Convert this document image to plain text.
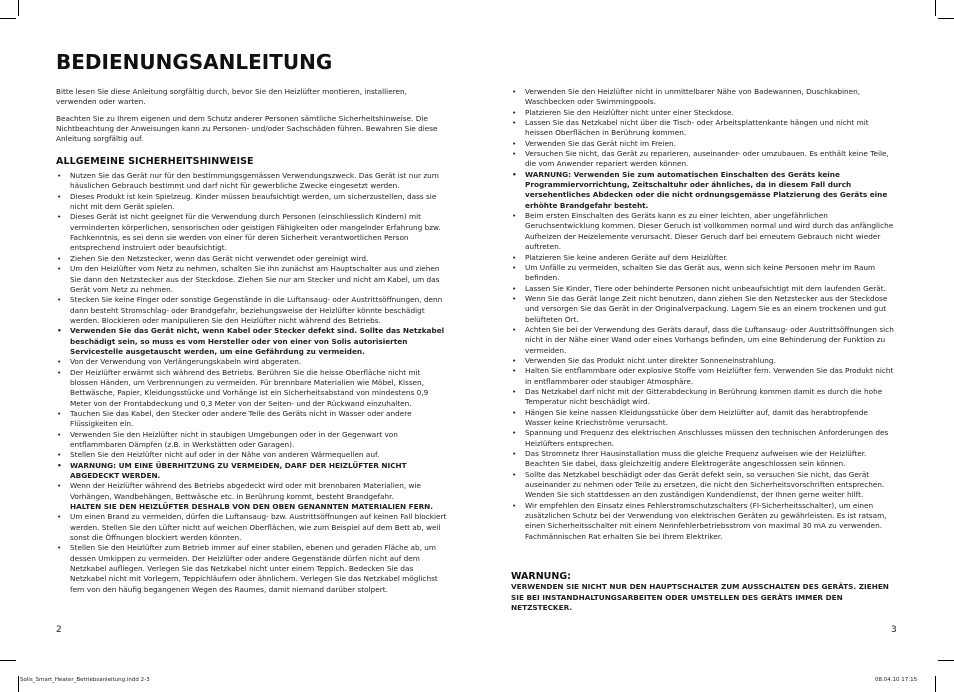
BEDIENUNGSANLEITUNG

Bitte lesen Sie diese Anleitung sorgfältig durch, bevor Sie den Heizlüfter montieren, installieren, verwenden oder warten.

Beachten Sie zu Ihrem eigenen und dem Schutz anderer Personen sämtliche Sicherheitshinweise. Die Nichtbeachtung der Anweisungen kann zu Personen- und/oder Sachschäden führen. Bewahren Sie diese Anleitung sorgfältig auf.

ALLGEMEINE SICHERHEITSHINWEISE
• Nutzen Sie das Gerät nur für den bestimmungsgemässen Verwendungszweck. Das Gerät ist nur zum häuslichen Gebrauch bestimmt und darf nicht für gewerbliche Zwecke eingesetzt werden.
• Dieses Produkt ist kein Spielzeug. Kinder müssen beaufsichtigt werden, um sicherzustellen, dass sie nicht mit dem Gerät spielen.
• Dieses Gerät ist nicht geeignet für die Verwendung durch Personen (einschliesslich Kindern) mit verminderten körperlichen, sensorischen oder geistigen Fähigkeiten oder mangelnder Erfahrung bzw. Fachkenntnis, es sei denn sie werden von einer für deren Sicherheit verantwortlichen Person entsprechend instruiert oder beaufsichtigt.
• Ziehen Sie den Netzstecker, wenn das Gerät nicht verwendet oder gereinigt wird.
• Um den Heizlüfter vom Netz zu nehmen, schalten Sie ihn zunächst am Hauptschalter aus und ziehen Sie dann den Netzstecker aus der Steckdose. Ziehen Sie nur am Stecker und nicht am Kabel, um das Gerät vom Netz zu nehmen.
• Stecken Sie keine Finger oder sonstige Gegenstände in die Luftansaug- oder Austrittsöffnungen, denn dann besteht Stromschlag- oder Brandgefahr, beziehungsweise der Heizlüfter könnte beschädigt werden. Blockieren oder manipulieren Sie den Heizlüfter nicht während des Betriebs.
• Verwenden Sie das Gerät nicht, wenn Kabel oder Stecker defekt sind. Sollte das Netzkabel beschädigt sein, so muss es vom Hersteller oder von einer von Solis autorisierten Servicestelle ausgetauscht werden, um eine Gefährdung zu vermeiden.
• Von der Verwendung von Verlängerungskabeln wird abgeraten.
• Der Heizlüfter erwärmt sich während des Betriebs. Berühren Sie die heisse Oberfläche nicht mit blossen Händen, um Verbrennungen zu vermeiden. Für brennbare Materialien wie Möbel, Kissen, Bettwäsche, Papier, Kleidungsstücke und Vorhänge ist ein Sicherheitsabstand von mindestens 0,9 Meter von der Frontabdeckung und 0,3 Meter von der Seiten- und der Rückwand einzuhalten.
• Tauchen Sie das Kabel, den Stecker oder andere Teile des Geräts nicht in Wasser oder andere Flüssigkeiten ein.
• Verwenden Sie den Heizlüfter nicht in staubigen Umgebungen oder in der Gegenwart von entflammbaren Dämpfen (z.B. in Werkstätten oder Garagen).
• Stellen Sie den Heizlüfter nicht auf oder in der Nähe von anderen Wärmequellen auf.
• WARNUNG: UM EINE ÜBERHITZUNG ZU VERMEIDEN, DARF DER HEIZLÜFTER NICHT ABGEDECKT WERDEN.
• Wenn der Heizlüfter während des Betriebs abgedeckt wird oder mit brennbaren Materialien, wie Vorhängen, Wandbehängen, Bettwäsche etc. in Berührung kommt, besteht Brandgefahr.
HALTEN SIE DEN HEIZLÜFTER DESHALB VON DEN OBEN GENANNTEN MATERIALIEN FERN.
• Um einen Brand zu vermeiden, dürfen die Luftansaug- bzw. Austrittsöffnungen auf keinen Fall blockiert werden. Stellen Sie den Lüfter nicht auf weichen Oberflächen, wie zum Beispiel auf dem Bett ab, weil sonst die Öffnungen blockiert werden könnten.
• Stellen Sie den Heizlüfter zum Betrieb immer auf einer stabilen, ebenen und geraden Fläche ab, um dessen Umkippen zu vermeiden. Der Heizlüfter oder andere Gegenstände dürfen nicht auf dem Netzkabel aufliegen. Verlegen Sie das Netzkabel nicht unter einem Teppich. Bedecken Sie das Netzkabel nicht mit Vorlegern, Teppichläufern oder ähnlichem. Verlegen Sie das Netzkabel möglichst fern von den häufig begangenen Wegen des Raumes, damit niemand darüber stolpert.
• Verwenden Sie den Heizlüfter nicht in unmittelbarer Nähe von Badewannen, Duschkabinen, Waschbecken oder Swimmingpools.
• Platzieren Sie den Heizlüfter nicht unter einer Steckdose.
• Lassen Sie das Netzkabel nicht über die Tisch- oder Arbeitsplattenkante hängen und nicht mit heissen Oberflächen in Berührung kommen.
• Verwenden Sie das Gerät nicht im Freien.
• Versuchen Sie nicht, das Gerät zu reparieren, auseinander- oder umzubauen. Es enthält keine Teile, die vom Anwender repariert werden können.
• WARNUNG: Verwenden Sie zum automatischen Einschalten des Geräts keine Programmiervorrichtung, Zeitschaltuhr oder ähnliches, da in diesem Fall durch versehentliches Abdecken oder die nicht ordnungsgemässe Platzierung des Geräts eine erhöhte Brandgefahr besteht.
• Beim ersten Einschalten des Geräts kann es zu einer leichten, aber ungefährlichen Geruchsentwicklung kommen. Dieser Geruch ist vollkommen normal und wird durch das anfängliche Aufheizen der Heizelemente verursacht. Dieser Geruch darf bei erneutem Gebrauch nicht wieder auftreten.
• Platzieren Sie keine anderen Geräte auf dem Heizlüfter.
• Um Unfälle zu vermeiden, schalten Sie das Gerät aus, wenn sich keine Personen mehr im Raum befinden.
• Lassen Sie Kinder, Tiere oder behinderte Personen nicht unbeaufsichtigt mit dem laufenden Gerät.
• Wenn Sie das Gerät lange Zeit nicht benutzen, dann ziehen Sie den Netzstecker aus der Steckdose und versorgen Sie das Gerät in der Originalverpackung. Lagern Sie es an einem trockenen und gut belüfteten Ort.
• Achten Sie bei der Verwendung des Geräts darauf, dass die Luftansaug- oder Austrittsöffnungen sich nicht in der Nähe einer Wand oder eines Vorhangs befinden, um eine Behinderung der Funktion zu vermeiden.
• Verwenden Sie das Produkt nicht unter direkter Sonneneinstrahlung.
• Halten Sie entflammbare oder explosive Stoffe vom Heizlüfter fern. Verwenden Sie das Produkt nicht in entflammbarer oder staubiger Atmosphäre.
• Das Netzkabel darf nicht mit der Gitterabdeckung in Berührung kommen damit es durch die hohe Temperatur nicht beschädigt wird.
• Hängen Sie keine nassen Kleidungsstücke über dem Heizlüfter auf, damit das herabtropfende Wasser keine Kriechströme verursacht.
• Spannung und Frequenz des elektrischen Anschlusses müssen den technischen Anforderungen des Heizlüfters entsprechen.
• Das Stromnetz Ihrer Hausinstallation muss die gleiche Frequenz aufweisen wie der Heizlüfter. Beachten Sie dabei, dass gleichzeitig andere Elektrogeräte angeschlossen sein können.
• Sollte das Netzkabel beschädigt oder das Gerät defekt sein, so versuchen Sie nicht, das Gerät auseinander zu nehmen oder Teile zu ersetzen, die nicht den Sicherheitsvorschriften entsprechen. Wenden Sie sich stattdessen an den zuständigen Kundendienst, der Ihnen gerne weiter hilft.
• Wir empfehlen den Einsatz eines Fehlerstromschutzschalters (FI-Sicherheitsschalter), um einen zusätzlichen Schutz bei der Verwendung von elektrischen Geräten zu gewährleisten. Es ist ratsam, einen Sicherheitsschalter mit einem Nennfehlerbetriebsstrom von maximal 30 mA zu verwenden. Fachmännischen Rat erhalten Sie bei Ihrem Elektriker.
WARNUNG:
VERWENDEN SIE NICHT NUR DEN HAUPTSCHALTER ZUM AUSSCHALTEN DES GERÄTS. ZIEHEN SIE BEI INSTANDHALTUNGSARBEITEN ODER UMSTELLEN DES GERÄTS IMMER DEN NETZSTECKER.
2	3
Solis_Smart_Heater_Betriebsanleitung.indd 2-3	08.04.10 17:15
